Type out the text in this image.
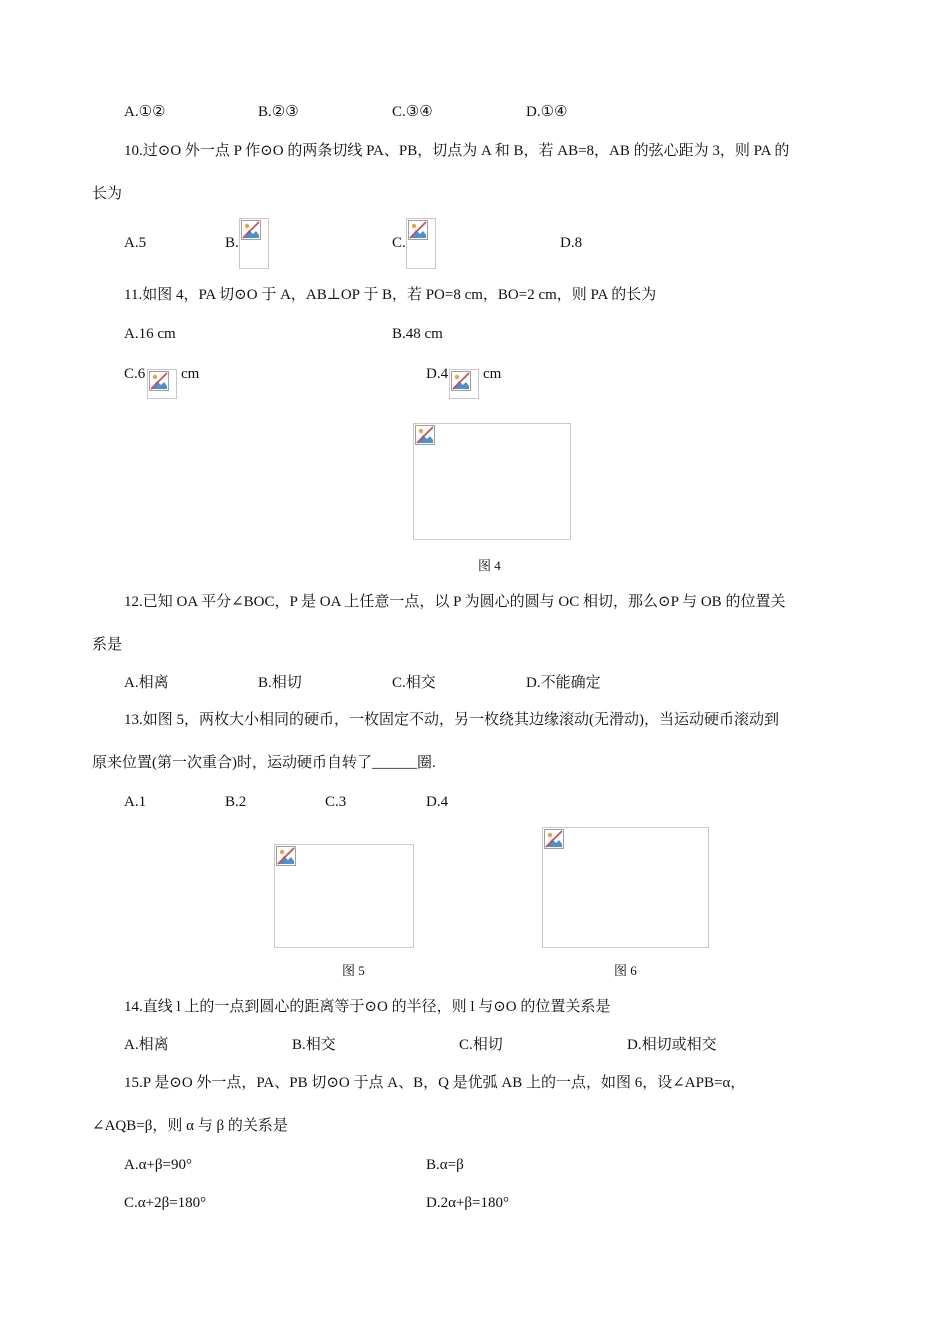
A.①②	B.②③	C.③④	D.①④
10.过⊙O 外一点 P 作⊙O 的两条切线 PA、PB，切点为 A 和 B，若 AB=8，AB 的弦心距为 3，则 PA 的
长为
A.5	B.	C.	D.8
11.如图 4，PA 切⊙O 于 A，AB⊥OP 于 B，若 PO=8 cm，BO=2 cm，则 PA 的长为
A.16 cm	B.48 cm
C.6 cm	D.4 cm
图 4
12.已知 OA 平分∠BOC，P 是 OA 上任意一点，以 P 为圆心的圆与 OC 相切，那么⊙P 与 OB 的位置关
系是
A.相离	B.相切	C.相交	D.不能确定
13.如图 5，两枚大小相同的硬币，一枚固定不动，另一枚绕其边缘滚动(无滑动)，当运动硬币滚动到
原来位置(第一次重合)时，运动硬币自转了______圈.
A.1	B.2	C.3	D.4
图 5	图 6
14.直线 l 上的一点到圆心的距离等于⊙O 的半径，则 l 与⊙O 的位置关系是
A.相离	B.相交	C.相切	D.相切或相交
15.P 是⊙O 外一点，PA、PB 切⊙O 于点 A、B，Q 是优弧 AB 上的一点，如图 6，设∠APB=α，
∠AQB=β，则 α 与 β 的关系是
A.α+β=90°	B.α=β
C.α+2β=180°	D.2α+β=180°
